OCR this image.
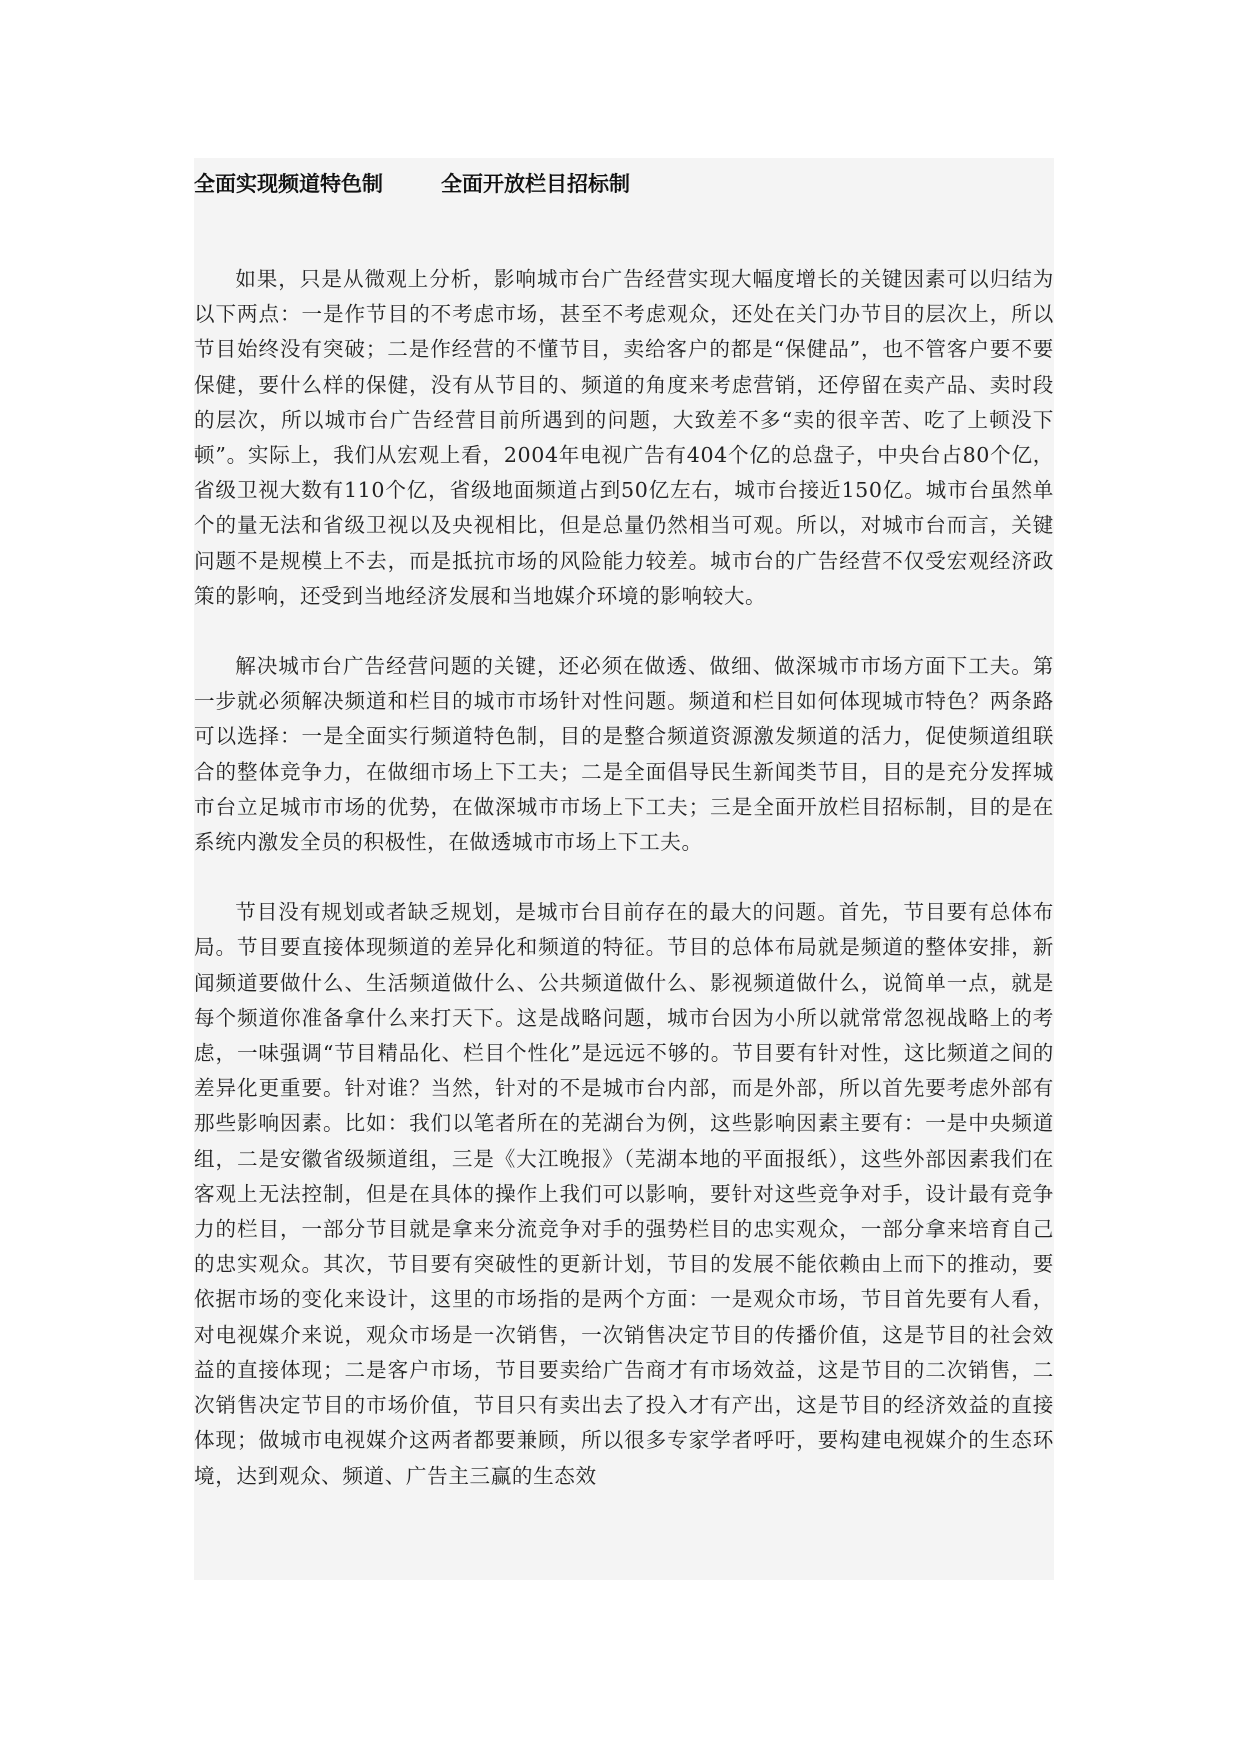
全面实现频道特色制	全面开放栏目招标制

如果，只是从微观上分析，影响城市台广告经营实现大幅度增长的关键因素可以归结为以下两点：一是作节目的不考虑市场，甚至不考虑观众，还处在关门办节目的层次上，所以节目始终没有突破；二是作经营的不懂节目，卖给客户的都是“保健品”，也不管客户要不要保健，要什么样的保健，没有从节目的、频道的角度来考虑营销，还停留在卖产品、卖时段的层次，所以城市台广告经营目前所遇到的问题，大致差不多“卖的很辛苦、吃了上顿没下顿”。实际上，我们从宏观上看，2004年电视广告有404个亿的总盘子，中央台占80个亿，省级卫视大数有110个亿，省级地面频道占到50亿左右，城市台接近150亿。城市台虽然单个的量无法和省级卫视以及央视相比，但是总量仍然相当可观。所以，对城市台而言，关键问题不是规模上不去，而是抵抗市场的风险能力较差。城市台的广告经营不仅受宏观经济政策的影响，还受到当地经济发展和当地媒介环境的影响较大。

解决城市台广告经营问题的关键，还必须在做透、做细、做深城市市场方面下工夫。第一步就必须解决频道和栏目的城市市场针对性问题。频道和栏目如何体现城市特色？两条路可以选择：一是全面实行频道特色制，目的是整合频道资源激发频道的活力，促使频道组联合的整体竞争力，在做细市场上下工夫；二是全面倡导民生新闻类节目，目的是充分发挥城市台立足城市市场的优势，在做深城市市场上下工夫；三是全面开放栏目招标制，目的是在系统内激发全员的积极性，在做透城市市场上下工夫。

节目没有规划或者缺乏规划，是城市台目前存在的最大的问题。首先，节目要有总体布局。节目要直接体现频道的差异化和频道的特征。节目的总体布局就是频道的整体安排，新闻频道要做什么、生活频道做什么、公共频道做什么、影视频道做什么，说简单一点，就是每个频道你准备拿什么来打天下。这是战略问题，城市台因为小所以就常常忽视战略上的考虑，一味强调“节目精品化、栏目个性化”是远远不够的。节目要有针对性，这比频道之间的差异化更重要。针对谁？当然，针对的不是城市台内部，而是外部，所以首先要考虑外部有那些影响因素。比如：我们以笔者所在的芜湖台为例，这些影响因素主要有：一是中央频道组，二是安徽省级频道组，三是《大江晚报》（芜湖本地的平面报纸），这些外部因素我们在客观上无法控制，但是在具体的操作上我们可以影响，要针对这些竞争对手，设计最有竞争力的栏目，一部分节目就是拿来分流竞争对手的强势栏目的忠实观众，一部分拿来培育自己的忠实观众。其次，节目要有突破性的更新计划，节目的发展不能依赖由上而下的推动，要依据市场的变化来设计，这里的市场指的是两个方面：一是观众市场，节目首先要有人看，对电视媒介来说，观众市场是一次销售，一次销售决定节目的传播价值，这是节目的社会效益的直接体现；二是客户市场，节目要卖给广告商才有市场效益，这是节目的二次销售，二次销售决定节目的市场价值，节目只有卖出去了投入才有产出，这是节目的经济效益的直接体现；做城市电视媒介这两者都要兼顾，所以很多专家学者呼吁，要构建电视媒介的生态环境，达到观众、频道、广告主三赢的生态效
